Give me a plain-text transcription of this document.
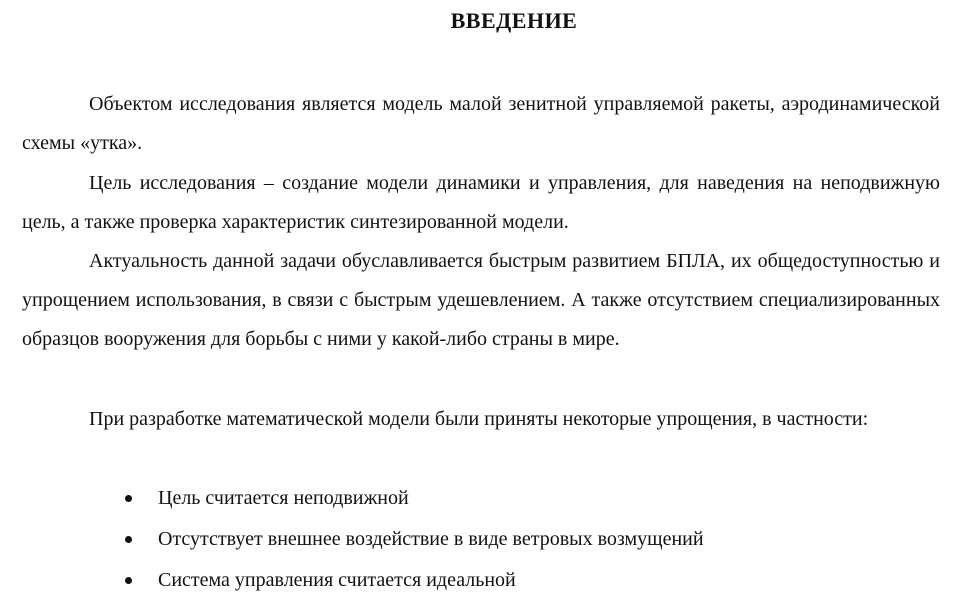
ВВЕДЕНИЕ

Объектом исследования является модель малой зенитной управляемой ракеты, аэродинамической схемы «утка».

Цель исследования – создание модели динамики и управления, для наведения на неподвижную цель, а также проверка характеристик синтезированной модели.

Актуальность данной задачи обуславливается быстрым развитием БПЛА, их общедоступностью и упрощением использования, в связи с быстрым удешевлением. А также отсутствием специализированных образцов вооружения для борьбы с ними у какой-либо страны в мире.

При разработке математической модели были приняты некоторые упрощения, в частности:

Цель считается неподвижной
Отсутствует внешнее воздействие в виде ветровых возмущений
Система управления считается идеальной
